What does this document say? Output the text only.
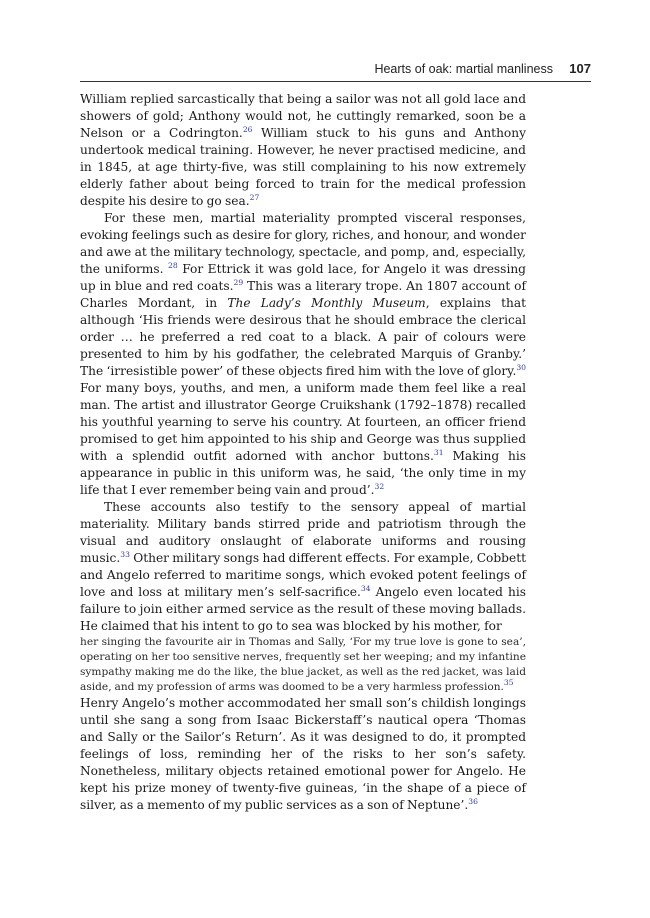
Hearts of oak: martial manliness 107

William replied sarcastically that being a sailor was not all gold lace and showers of gold; Anthony would not, he cuttingly remarked, soon be a Nelson or a Codrington.$^{26}$ William stuck to his guns and Anthony undertook medical training. However, he never practised medicine, and in 1845, at age thirty-five, was still complaining to his now extremely elderly father about being forced to train for the medical profession despite his desire to go sea.$^{27}$

For these men, martial materiality prompted visceral responses, evoking feelings such as desire for glory, riches, and honour, and wonder and awe at the military technology, spectacle, and pomp, and, especially, the uniforms. $^{28}$ For Ettrick it was gold lace, for Angelo it was dressing up in blue and red coats.$^{29}$ This was a literary trope. An 1807 account of Charles Mordant, in The Lady’s Monthly Museum, explains that although ‘His friends were desirous that he should embrace the clerical order … he preferred a red coat to a black. A pair of colours were presented to him by his godfather, the celebrated Marquis of Granby.’ The ‘irresistible power’ of these objects fired him with the love of glory.$^{30}$ For many boys, youths, and men, a uniform made them feel like a real man. The artist and illustrator George Cruikshank (1792–1878) recalled his youthful yearning to serve his country. At fourteen, an officer friend promised to get him appointed to his ship and George was thus supplied with a splendid outfit adorned with anchor buttons.$^{31}$ Making his appearance in public in this uniform was, he said, ‘the only time in my life that I ever remember being vain and proud’.$^{32}$

These accounts also testify to the sensory appeal of martial materiality. Military bands stirred pride and patriotism through the visual and auditory onslaught of elaborate uniforms and rousing music.$^{33}$ Other military songs had different effects. For example, Cobbett and Angelo referred to maritime songs, which evoked potent feelings of love and loss at military men’s self-sacrifice.$^{34}$ Angelo even located his failure to join either armed service as the result of these moving ballads. He claimed that his intent to go to sea was blocked by his mother, for

her singing the favourite air in Thomas and Sally, ‘For my true love is gone to sea’, operating on her too sensitive nerves, frequently set her weeping; and my infantine sympathy making me do the like, the blue jacket, as well as the red jacket, was laid aside, and my profession of arms was doomed to be a very harmless profession.$^{35}$

Henry Angelo’s mother accommodated her small son’s childish longings until she sang a song from Isaac Bickerstaff’s nautical opera ‘Thomas and Sally or the Sailor’s Return’. As it was designed to do, it prompted feelings of loss, reminding her of the risks to her son’s safety. Nonetheless, military objects retained emotional power for Angelo. He kept his prize money of twenty-five guineas, ‘in the shape of a piece of silver, as a memento of my public services as a son of Neptune’.$^{36}$
